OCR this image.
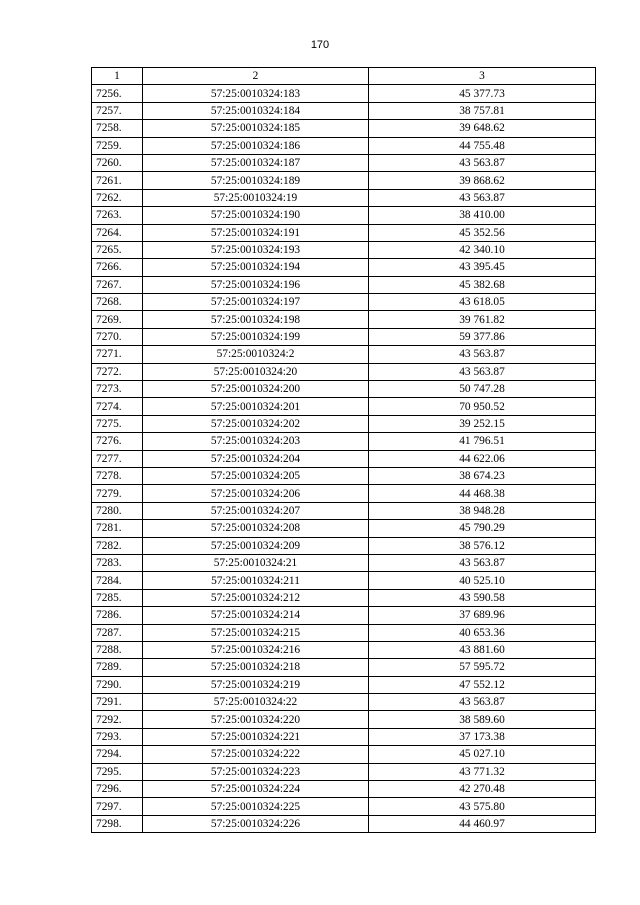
170
1	2	3
7256.	57:25:0010324:183	45 377.73
7257.	57:25:0010324:184	38 757.81
7258.	57:25:0010324:185	39 648.62
7259.	57:25:0010324:186	44 755.48
7260.	57:25:0010324:187	43 563.87
7261.	57:25:0010324:189	39 868.62
7262.	57:25:0010324:19	43 563.87
7263.	57:25:0010324:190	38 410.00
7264.	57:25:0010324:191	45 352.56
7265.	57:25:0010324:193	42 340.10
7266.	57:25:0010324:194	43 395.45
7267.	57:25:0010324:196	45 382.68
7268.	57:25:0010324:197	43 618.05
7269.	57:25:0010324:198	39 761.82
7270.	57:25:0010324:199	59 377.86
7271.	57:25:0010324:2	43 563.87
7272.	57:25:0010324:20	43 563.87
7273.	57:25:0010324:200	50 747.28
7274.	57:25:0010324:201	70 950.52
7275.	57:25:0010324:202	39 252.15
7276.	57:25:0010324:203	41 796.51
7277.	57:25:0010324:204	44 622.06
7278.	57:25:0010324:205	38 674.23
7279.	57:25:0010324:206	44 468.38
7280.	57:25:0010324:207	38 948.28
7281.	57:25:0010324:208	45 790.29
7282.	57:25:0010324:209	38 576.12
7283.	57:25:0010324:21	43 563.87
7284.	57:25:0010324:211	40 525.10
7285.	57:25:0010324:212	43 590.58
7286.	57:25:0010324:214	37 689.96
7287.	57:25:0010324:215	40 653.36
7288.	57:25:0010324:216	43 881.60
7289.	57:25:0010324:218	57 595.72
7290.	57:25:0010324:219	47 552.12
7291.	57:25:0010324:22	43 563.87
7292.	57:25:0010324:220	38 589.60
7293.	57:25:0010324:221	37 173.38
7294.	57:25:0010324:222	45 027.10
7295.	57:25:0010324:223	43 771.32
7296.	57:25:0010324:224	42 270.48
7297.	57:25:0010324:225	43 575.80
7298.	57:25:0010324:226	44 460.97
